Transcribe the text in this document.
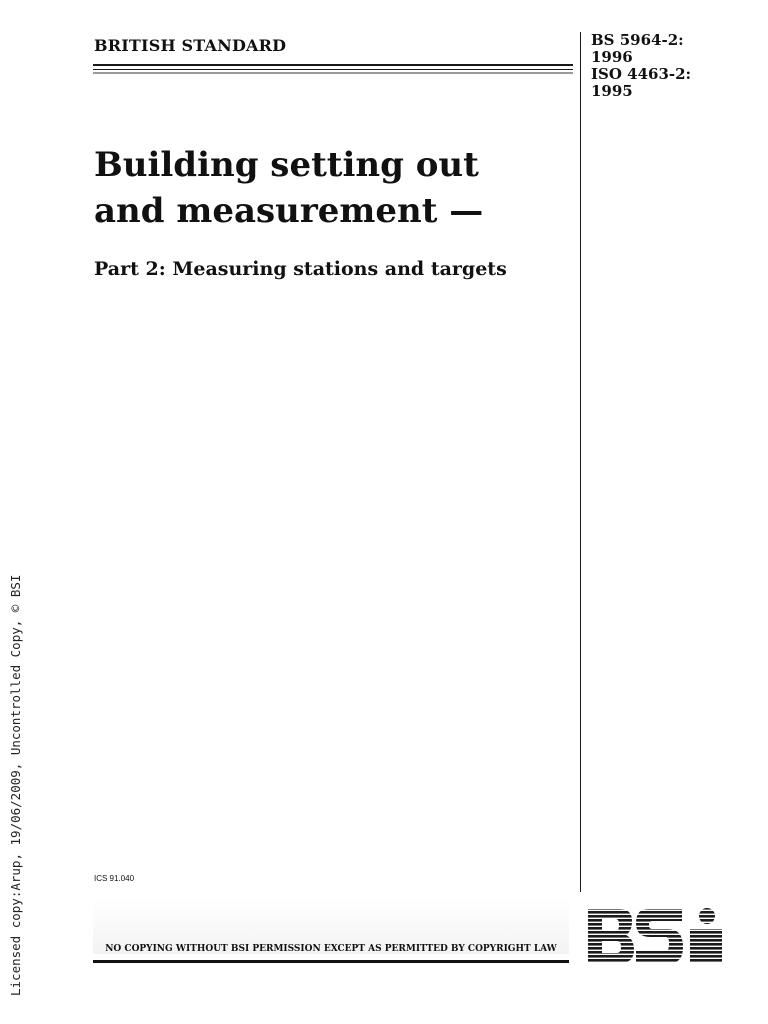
BRITISH STANDARD	BS 5964-2:
1996
ISO 4463-2:
1995
Building setting out
and measurement —
Part 2: Measuring stations and targets
Licensed copy:Arup, 19/06/2009, Uncontrolled Copy, © BSI	ICS 91.040
NO COPYING WITHOUT BSI PERMISSION EXCEPT AS PERMITTED BY COPYRIGHT LAW
